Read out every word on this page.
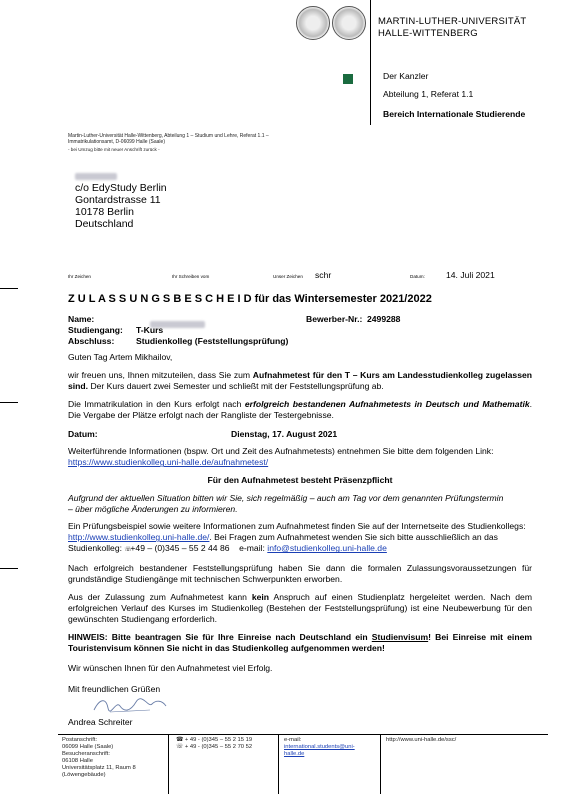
MARTIN-LUTHER-UNIVERSITÄT
HALLE-WITTENBERG
Der Kanzler
Abteilung 1, Referat 1.1
Bereich Internationale Studierende
Martin-Luther-Universität Halle-Wittenberg, Abteilung 1 – Studium und Lehre, Referat 1.1 –
Immatrikulationsamt, D-06099 Halle (Saale)
- bei Umzug bitte mit neuer Anschrift zurück -
c/o EdyStudy Berlin
Gontardstrasse 11
10178 Berlin
Deutschland
Ihr Zeichen	Ihr Schreiben vom	Unser Zeichen schr	Datum: 14. Juli 2021
Z U L A S S U N G S B E S C H E I D für das Wintersemester 2021/2022
Name:	Bewerber-Nr.: 2499288
Studiengang: T-Kurs
Abschluss:	Studienkolleg (Feststellungsprüfung)
Guten Tag Artem Mikhailov,
wir freuen uns, Ihnen mitzuteilen, dass Sie zum Aufnahmetest für den T – Kurs am Landesstudienkolleg zugelassen sind. Der Kurs dauert zwei Semester und schließt mit der Feststellungsprüfung ab.
Die Immatrikulation in den Kurs erfolgt nach erfolgreich bestandenen Aufnahmetests in Deutsch und Mathematik. Die Vergabe der Plätze erfolgt nach der Rangliste der Testergebnisse.
Datum:	Dienstag, 17. August 2021
Weiterführende Informationen (bspw. Ort und Zeit des Aufnahmetests) entnehmen Sie bitte dem folgenden Link: https://www.studienkolleg.uni-halle.de/aufnahmetest/
Für den Aufnahmetest besteht Präsenzpflicht
Aufgrund der aktuellen Situation bitten wir Sie, sich regelmäßig – auch am Tag vor dem genannten Prüfungstermin – über mögliche Änderungen zu informieren.
Ein Prüfungsbeispiel sowie weitere Informationen zum Aufnahmetest finden Sie auf der Internetseite des Studienkollegs: http://www.studienkolleg.uni-halle.de/. Bei Fragen zum Aufnahmetest wenden Sie sich bitte ausschließlich an das Studienkolleg: ☏+49 – (0)345 – 55 2 44 86 e-mail: info@studienkolleg.uni-halle.de
Nach erfolgreich bestandener Feststellungsprüfung haben Sie dann die formalen Zulassungsvoraussetzungen für grundständige Studiengänge mit technischen Schwerpunkten erworben.
Aus der Zulassung zum Aufnahmetest kann kein Anspruch auf einen Studienplatz hergeleitet werden. Nach dem erfolgreichen Verlauf des Kurses im Studienkolleg (Bestehen der Feststellungsprüfung) ist eine Neubewerbung für den gewünschten Studiengang erforderlich.
HINWEIS: Bitte beantragen Sie für Ihre Einreise nach Deutschland ein Studienvisum! Bei Einreise mit einem Touristenvisum können Sie nicht in das Studienkolleg aufgenommen werden!
Wir wünschen Ihnen für den Aufnahmetest viel Erfolg.
Mit freundlichen Grüßen
Andrea Schreiter
Postanschrift:
06099 Halle (Saale)
Besucheranschrift:
06108 Halle
Universitätsplatz 11, Raum 8
(Löwengebäude)
☎ + 49 - (0)345 – 55 2 15 19
☏ + 49 - (0)345 – 55 2 70 52
e-mail:
international.students@uni-
halle.de
http://www.uni-halle.de/ssc/
